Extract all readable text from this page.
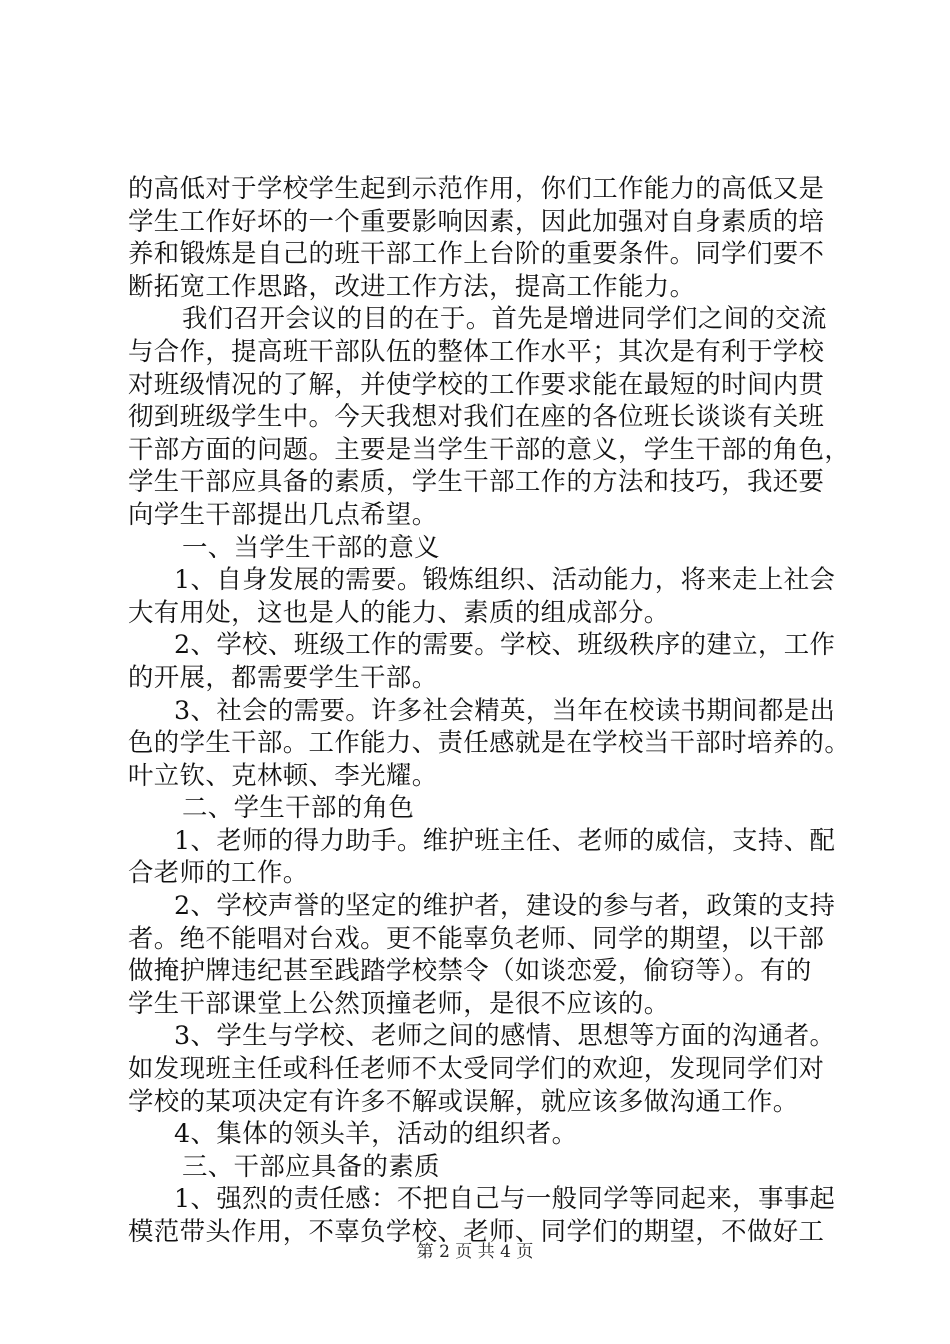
的高低对于学校学生起到示范作用，你们工作能力的高低又是
学生工作好坏的一个重要影响因素，因此加强对自身素质的培
养和锻炼是自己的班干部工作上台阶的重要条件。同学们要不
断拓宽工作思路，改进工作方法，提高工作能力。
我们召开会议的目的在于。首先是增进同学们之间的交流
与合作，提高班干部队伍的整体工作水平；其次是有利于学校
对班级情况的了解，并使学校的工作要求能在最短的时间内贯
彻到班级学生中。今天我想对我们在座的各位班长谈谈有关班
干部方面的问题。主要是当学生干部的意义，学生干部的角色，
学生干部应具备的素质，学生干部工作的方法和技巧，我还要
向学生干部提出几点希望。
一、当学生干部的意义
1、自身发展的需要。锻炼组织、活动能力，将来走上社会
大有用处，这也是人的能力、素质的组成部分。
2、学校、班级工作的需要。学校、班级秩序的建立，工作
的开展，都需要学生干部。
3、社会的需要。许多社会精英，当年在校读书期间都是出
色的学生干部。工作能力、责任感就是在学校当干部时培养的。
叶立钦、克林顿、李光耀。
二、学生干部的角色
1、老师的得力助手。维护班主任、老师的威信，支持、配
合老师的工作。
2、学校声誉的坚定的维护者，建设的参与者，政策的支持
者。绝不能唱对台戏。更不能辜负老师、同学的期望，以干部
做掩护牌违纪甚至践踏学校禁令（如谈恋爱，偷窃等）。有的
学生干部课堂上公然顶撞老师，是很不应该的。
3、学生与学校、老师之间的感情、思想等方面的沟通者。
如发现班主任或科任老师不太受同学们的欢迎，发现同学们对
学校的某项决定有许多不解或误解，就应该多做沟通工作。
4、集体的领头羊，活动的组织者。
三、干部应具备的素质
1、强烈的责任感：不把自己与一般同学等同起来，事事起
模范带头作用，不辜负学校、老师、同学们的期望，不做好工
第 2 页 共 4 页
